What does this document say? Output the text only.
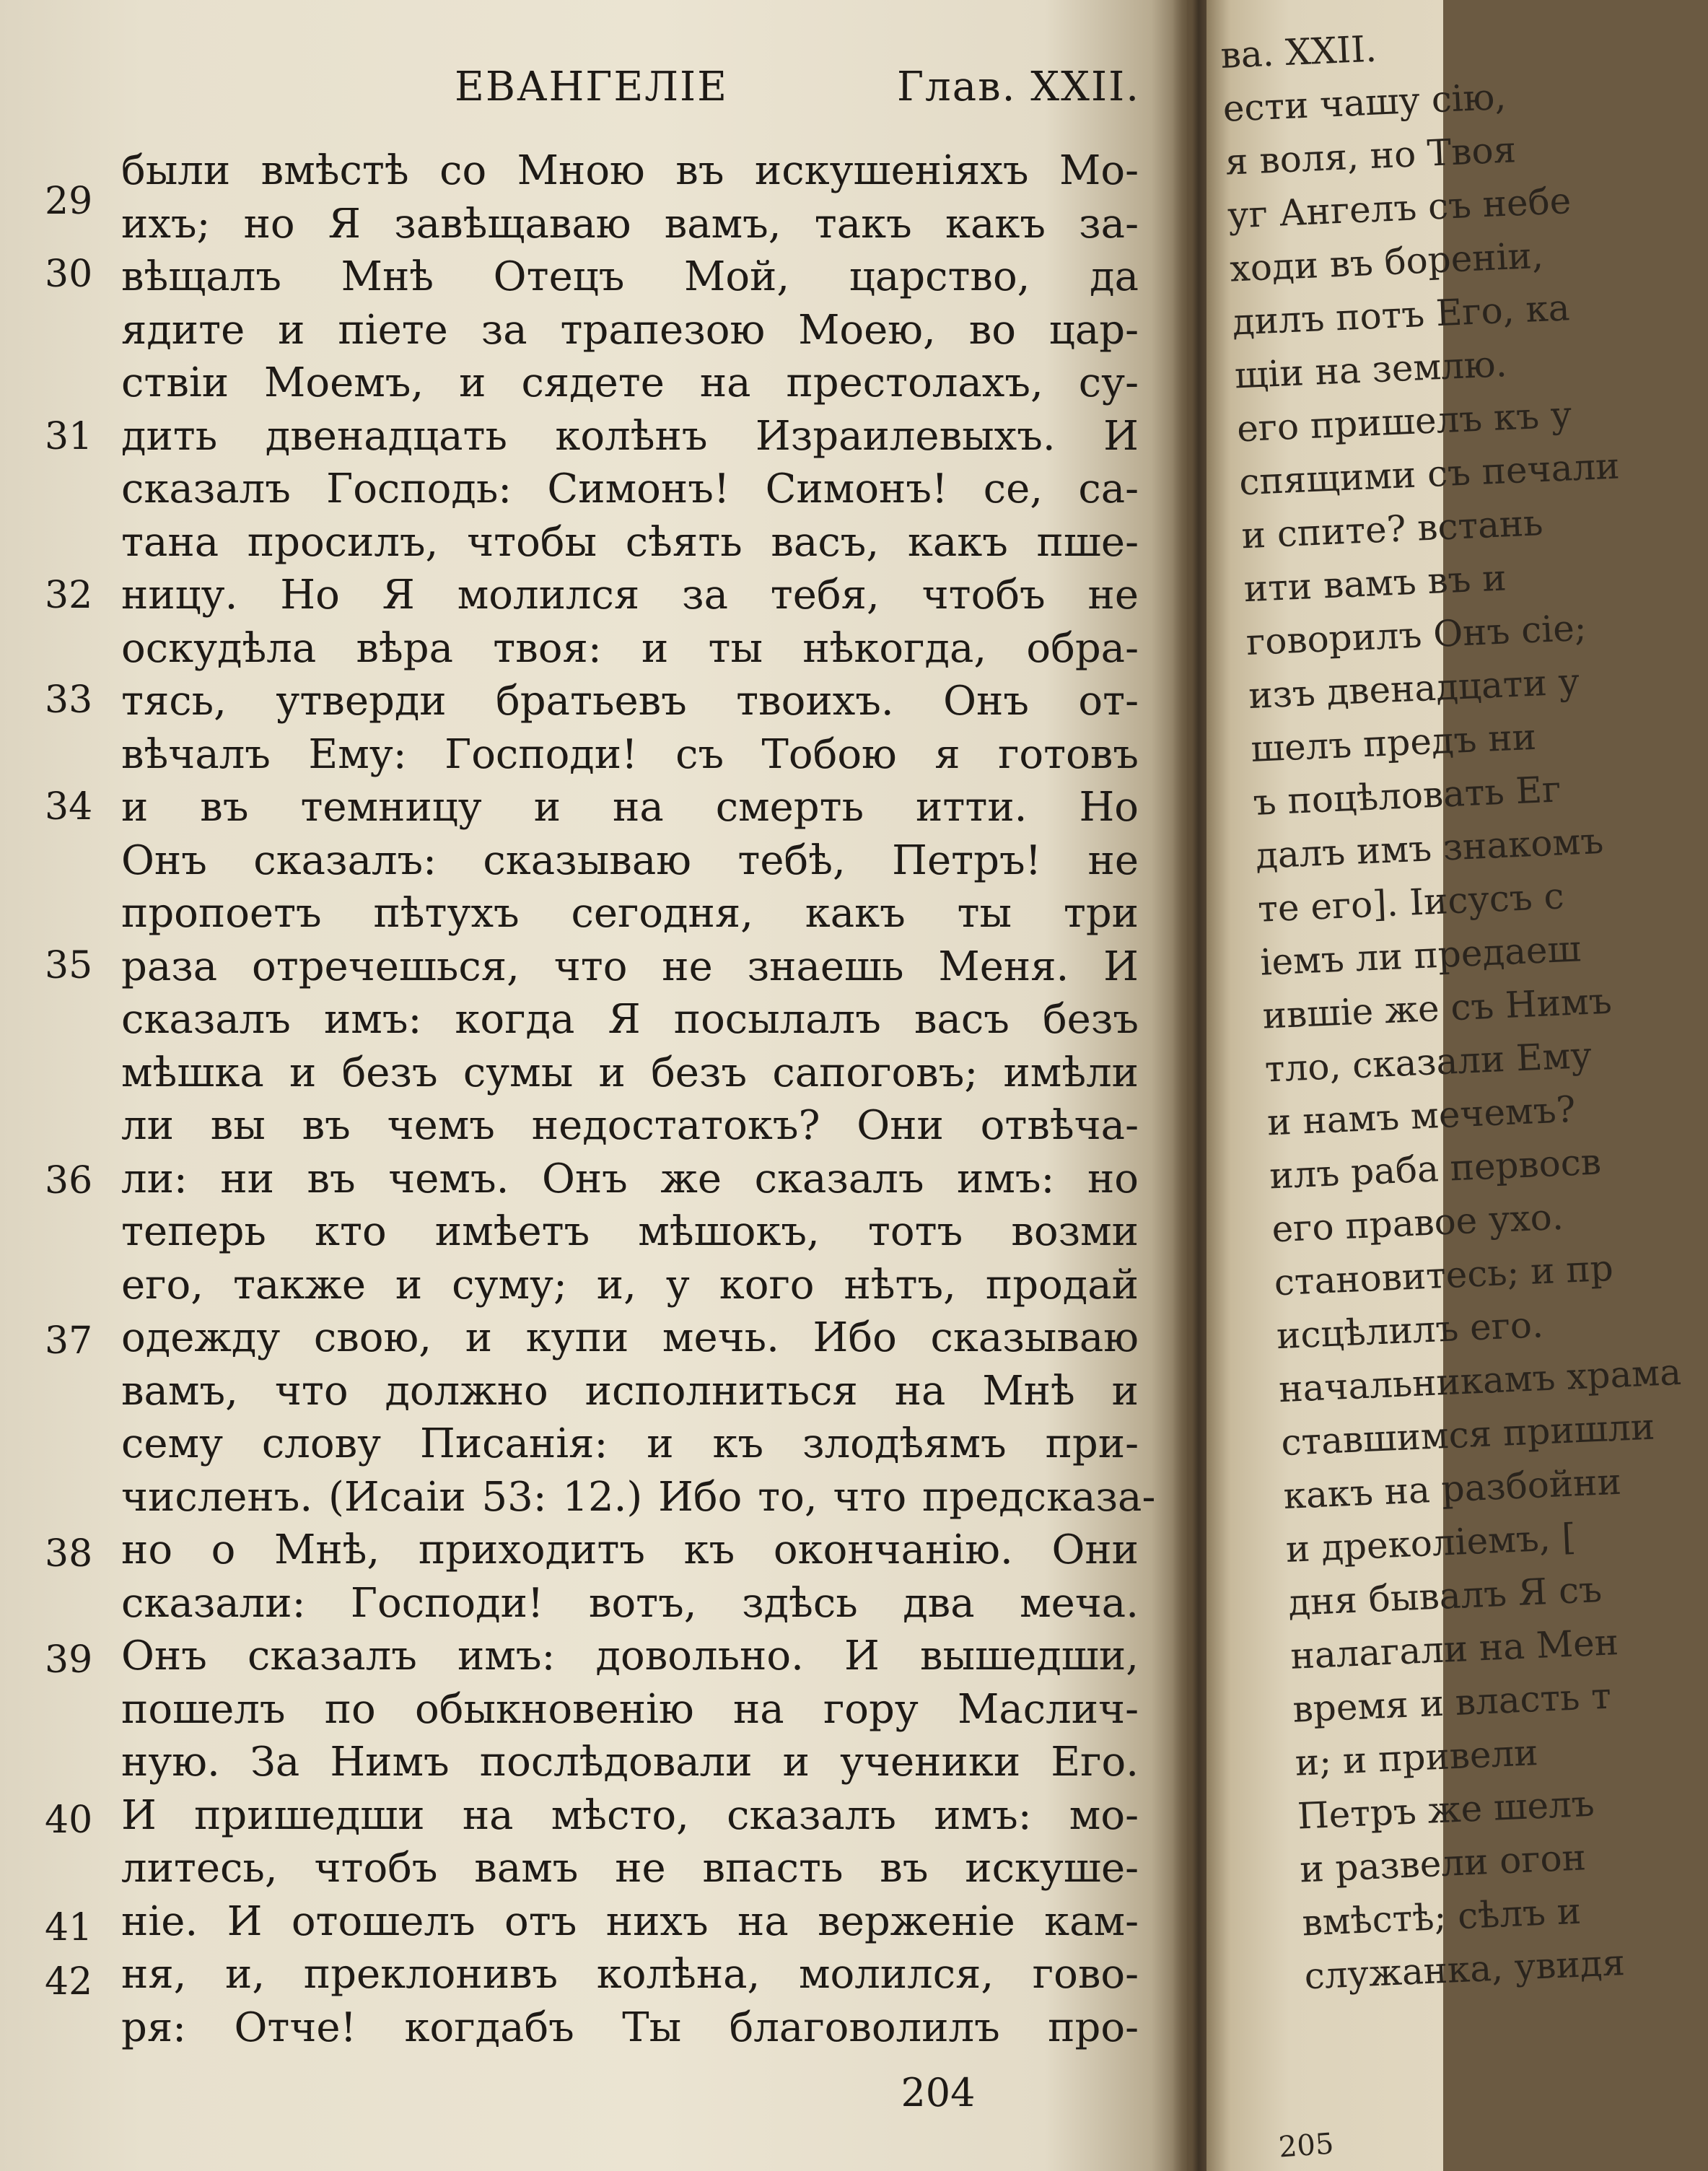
ЕВАНГЕЛІЕ	Глав. XXII.
29
30
31
32
33
34
35
36
37
38
39
40
41
42
были вмѣстѣ со Мною въ искушеніяхъ Мо-
ихъ; но Я завѣщаваю вамъ, такъ какъ за-
вѣщалъ Мнѣ Отецъ Мой, царство, да
ядите и піете за трапезою Моею, во цар-
ствіи Моемъ, и сядете на престолахъ, су-
дить двенадцать колѣнъ Израилевыхъ. И
сказалъ Господь: Симонъ! Симонъ! се, са-
тана просилъ, чтобы сѣять васъ, какъ пше-
ницу. Но Я молился за тебя, чтобъ не
оскудѣла вѣра твоя: и ты нѣкогда, обра-
тясь, утверди братьевъ твоихъ. Онъ от-
вѣчалъ Ему: Господи! съ Тобою я готовъ
и въ темницу и на смерть итти. Но
Онъ сказалъ: сказываю тебѣ, Петръ! не
пропоетъ пѣтухъ сегодня, какъ ты три
раза отречешься, что не знаешь Меня. И
сказалъ имъ: когда Я посылалъ васъ безъ
мѣшка и безъ сумы и безъ сапоговъ; имѣли
ли вы въ чемъ недостатокъ? Они отвѣча-
ли: ни въ чемъ. Онъ же сказалъ имъ: но
теперь кто имѣетъ мѣшокъ, тотъ возми
его, также и суму; и, у кого нѣтъ, продай
одежду свою, и купи мечь. Ибо сказываю
вамъ, что должно исполниться на Мнѣ и
сему слову Писанія: и къ злодѣямъ при-
численъ. (Исаіи 53: 12.) Ибо то, что предсказа-
но о Мнѣ, приходитъ къ окончанію. Они
сказали: Господи! вотъ, здѣсь два меча.
Онъ сказалъ имъ: довольно. И вышедши,
пошелъ по обыкновенію на гору Маслич-
ную. За Нимъ послѣдовали и ученики Его.
И пришедши на мѣсто, сказалъ имъ: мо-
литесь, чтобъ вамъ не впасть въ искуше-
ніе. И отошелъ отъ нихъ на верженіе кам-
ня, и, преклонивъ колѣна, молился, гово-
ря: Отче! когдабъ Ты благоволилъ про-
204
ва. XXII.
ести чашу сію,
я воля, но Твоя
уг Ангелъ съ небе
ходи въ бореніи,
дилъ потъ Его, ка
щіи на землю.
его пришелъ къ у
спящими съ печали
и спите? встань
ити вамъ въ и
говорилъ Онъ сіе;
изъ двенадцати у
шелъ предъ ни
ъ поцѣловать Ег
далъ имъ знакомъ
те его]. Іисусъ с
іемъ ли предаеш
ившіе же съ Нимъ
тло, сказали Ему
и намъ мечемъ?
илъ раба первосв
его правое ухо.
становитесь; и пр
исцѣлилъ его.
начальникамъ храма
ставшимся пришли
какъ на разбойни
и дреколіемъ, [
дня бывалъ Я съ
налагали на Мен
время и власть т
и; и привели
Петръ же шелъ
и развели огон
вмѣстѣ; сѣлъ и
служанка, увидя
205
